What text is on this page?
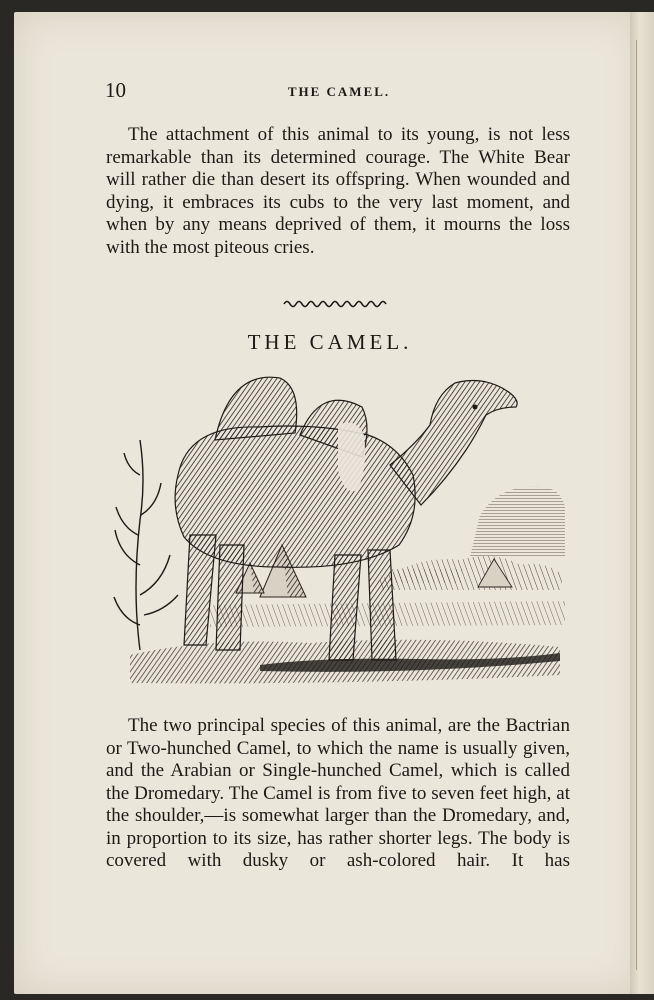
10	THE CAMEL.

The attachment of this animal to its young, is not less remarkable than its determined courage. The White Bear will rather die than desert its offspring. When wounded and dying, it embraces its cubs to the very last moment, and when by any means deprived of them, it mourns the loss with the most piteous cries.

THE CAMEL.

The two principal species of this animal, are the Bactrian or Two-hunched Camel, to which the name is usually given, and the Arabian or Single-hunched Camel, which is called the Dromedary. The Camel is from five to seven feet high, at the shoulder,—is somewhat larger than the Dromedary, and, in proportion to its size, has rather shorter legs. The body is covered with dusky or ash-colored hair. It has
